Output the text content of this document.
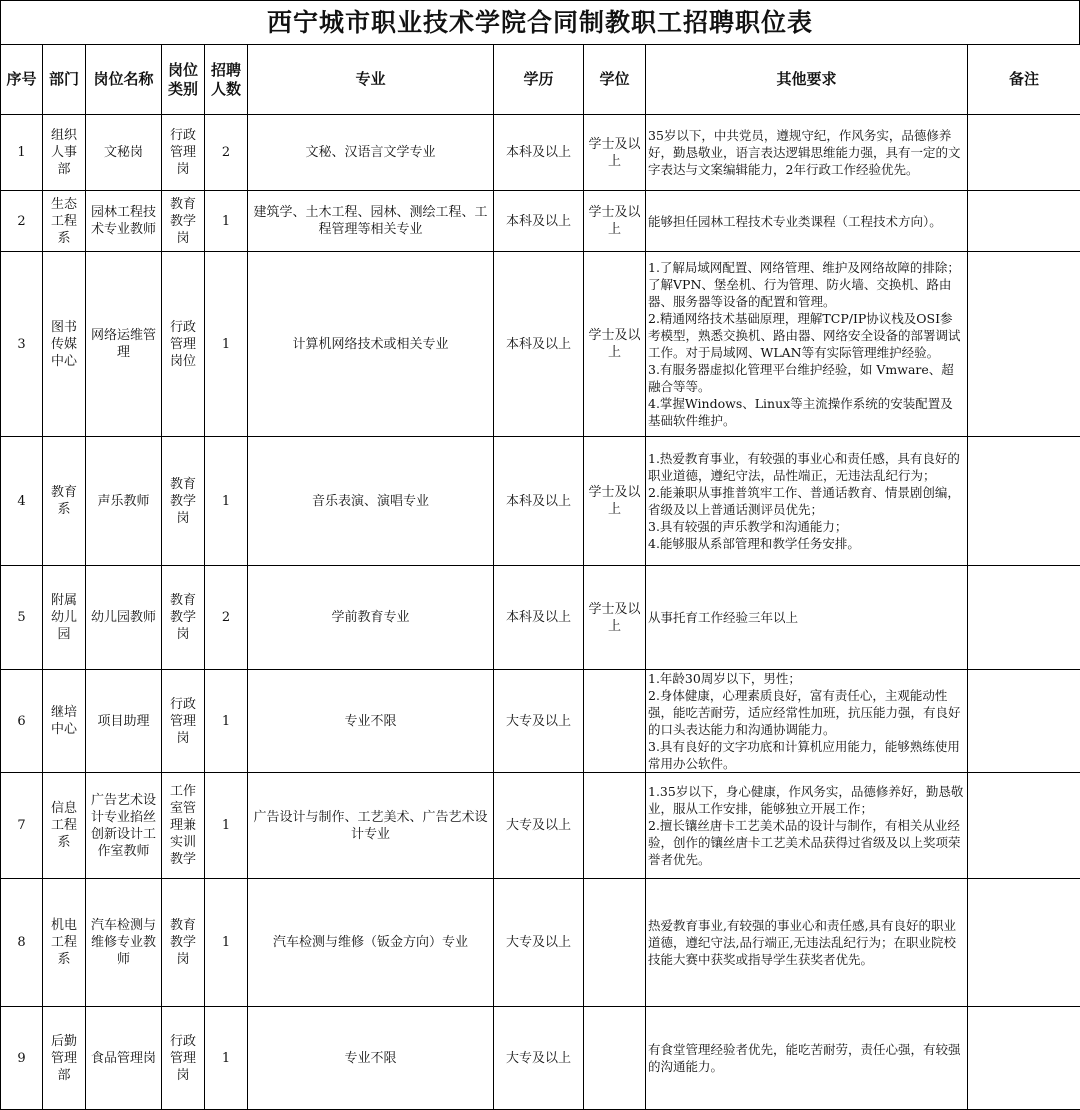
西宁城市职业技术学院合同制教职工招聘职位表
序号	部门	岗位名称	岗位类别	招聘人数	专业	学历	学位	其他要求	备注
1	组织人事部	文秘岗	行政管理岗	2	文秘、汉语言文学专业	本科及以上	学士及以上	35岁以下，中共党员，遵规守纪，作风务实，品德修养好，勤恳敬业，语言表达逻辑思维能力强，具有一定的文字表达与文案编辑能力，2年行政工作经验优先。	
2	生态工程系	园林工程技术专业教师	教育教学岗	1	建筑学、土木工程、园林、测绘工程、工程管理等相关专业	本科及以上	学士及以上	能够担任园林工程技术专业类课程（工程技术方向）。	
3	图书传媒中心	网络运维管理	行政管理岗位	1	计算机网络技术或相关专业	本科及以上	学士及以上	1.了解局域网配置、网络管理、维护及网络故障的排除；了解VPN、堡垒机、行为管理、防火墙、交换机、路由器、服务器等设备的配置和管理。
2.精通网络技术基础原理，理解TCP/IP协议栈及OSI参考模型，熟悉交换机、路由器、网络安全设备的部署调试工作。对于局域网、WLAN等有实际管理维护经验。
3.有服务器虚拟化管理平台维护经验，如 Vmware、超融合等等。
4.掌握Windows、Linux等主流操作系统的安装配置及基础软件维护。	
4	教育系	声乐教师	教育教学岗	1	音乐表演、演唱专业	本科及以上	学士及以上	1.热爱教育事业，有较强的事业心和责任感，具有良好的职业道德，遵纪守法，品性端正，无违法乱纪行为；
2.能兼职从事推普筑牢工作、普通话教育、情景剧创编，省级及以上普通话测评员优先；
3.具有较强的声乐教学和沟通能力；
4.能够服从系部管理和教学任务安排。	
5	附属幼儿园	幼儿园教师	教育教学岗	2	学前教育专业	本科及以上	学士及以上	从事托育工作经验三年以上	
6	继培中心	项目助理	行政管理岗	1	专业不限	大专及以上		1.年龄30周岁以下，男性；
2.身体健康，心理素质良好，富有责任心，主观能动性强，能吃苦耐劳，适应经常性加班，抗压能力强，有良好的口头表达能力和沟通协调能力。
3.具有良好的文字功底和计算机应用能力，能够熟练使用常用办公软件。	
7	信息工程系	广告艺术设计专业掐丝创新设计工作室教师	工作室管理兼实训教学	1	广告设计与制作、工艺美术、广告艺术设计专业	大专及以上		1.35岁以下，身心健康，作风务实，品德修养好，勤恳敬业，服从工作安排，能够独立开展工作；
2.擅长镶丝唐卡工艺美术品的设计与制作，有相关从业经验，创作的镶丝唐卡工艺美术品获得过省级及以上奖项荣誉者优先。	
8	机电工程系	汽车检测与维修专业教师	教育教学岗	1	汽车检测与维修（钣金方向）专业	大专及以上		热爱教育事业,有较强的事业心和责任感,具有良好的职业道德，遵纪守法,品行端正,无违法乱纪行为；在职业院校技能大赛中获奖或指导学生获奖者优先。	
9	后勤管理部	食品管理岗	行政管理岗	1	专业不限	大专及以上		有食堂管理经验者优先，能吃苦耐劳，责任心强，有较强的沟通能力。	
